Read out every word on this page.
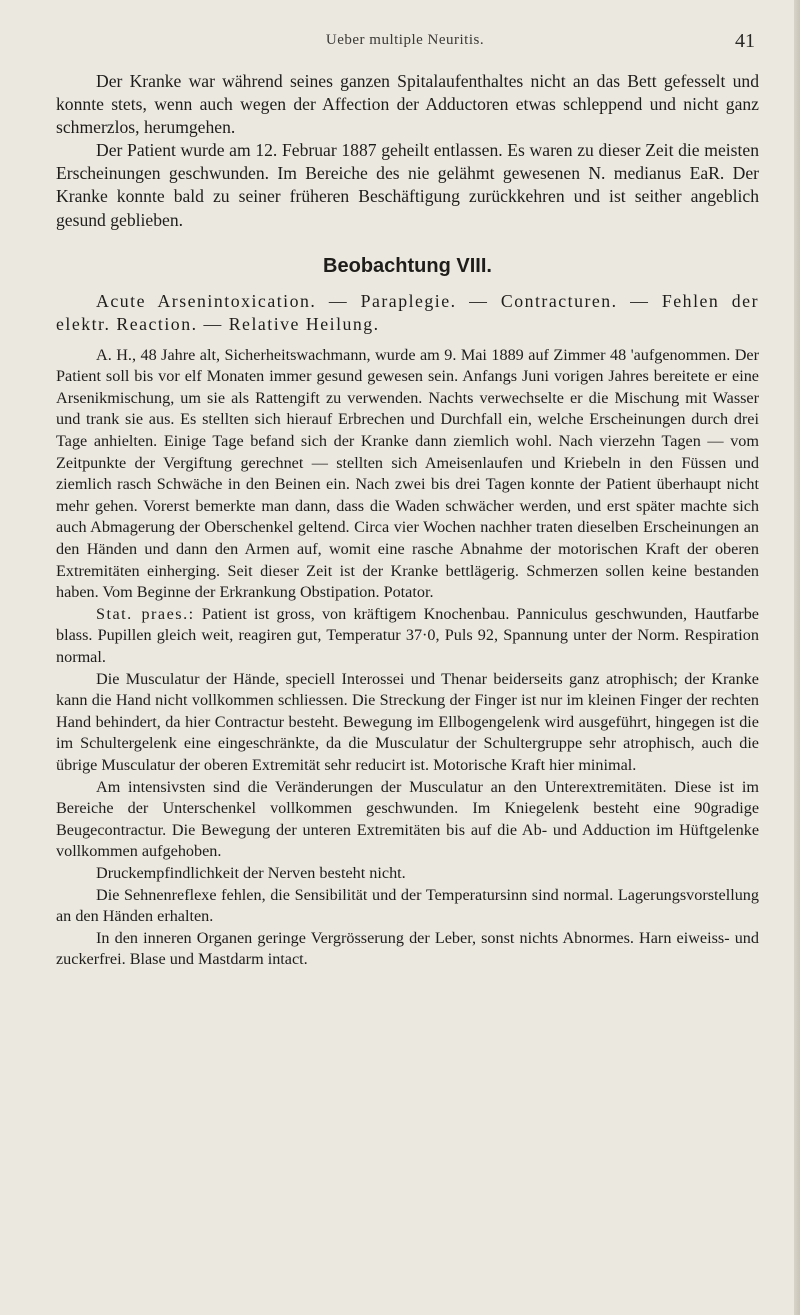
Ueber multiple Neuritis.	41

Der Kranke war während seines ganzen Spitalaufenthaltes nicht an das Bett gefesselt und konnte stets, wenn auch wegen der Affection der Adductoren etwas schleppend und nicht ganz schmerzlos, herumgehen.

Der Patient wurde am 12. Februar 1887 geheilt entlassen. Es waren zu dieser Zeit die meisten Erscheinungen geschwunden. Im Bereiche des nie gelähmt gewesenen N. medianus EaR. Der Kranke konnte bald zu seiner früheren Beschäftigung zurückkehren und ist seither angeblich gesund geblieben.

Beobachtung VIII.
Acute Arsenintoxication. — Paraplegie. — Contracturen. — Fehlen der elektr. Reaction. — Relative Heilung.

A. H., 48 Jahre alt, Sicherheitswachmann, wurde am 9. Mai 1889 auf Zimmer 48 'aufgenommen. Der Patient soll bis vor elf Monaten immer gesund gewesen sein. Anfangs Juni vorigen Jahres bereitete er eine Arsenikmischung, um sie als Rattengift zu verwenden. Nachts verwechselte er die Mischung mit Wasser und trank sie aus. Es stellten sich hierauf Erbrechen und Durchfall ein, welche Erscheinungen durch drei Tage anhielten. Einige Tage befand sich der Kranke dann ziemlich wohl. Nach vierzehn Tagen — vom Zeitpunkte der Vergiftung gerechnet — stellten sich Ameisenlaufen und Kriebeln in den Füssen und ziemlich rasch Schwäche in den Beinen ein. Nach zwei bis drei Tagen konnte der Patient überhaupt nicht mehr gehen. Vorerst bemerkte man dann, dass die Waden schwächer werden, und erst später machte sich auch Abmagerung der Oberschenkel geltend. Circa vier Wochen nachher traten dieselben Erscheinungen an den Händen und dann den Armen auf, womit eine rasche Abnahme der motorischen Kraft der oberen Extremitäten einherging. Seit dieser Zeit ist der Kranke bettlägerig. Schmerzen sollen keine bestanden haben. Vom Beginne der Erkrankung Obstipation. Potator.

Stat. praes.: Patient ist gross, von kräftigem Knochenbau. Panniculus geschwunden, Hautfarbe blass. Pupillen gleich weit, reagiren gut, Temperatur 37·0, Puls 92, Spannung unter der Norm. Respiration normal.

Die Musculatur der Hände, speciell Interossei und Thenar beiderseits ganz atrophisch; der Kranke kann die Hand nicht vollkommen schliessen. Die Streckung der Finger ist nur im kleinen Finger der rechten Hand behindert, da hier Contractur besteht. Bewegung im Ellbogengelenk wird ausgeführt, hingegen ist die im Schultergelenk eine eingeschränkte, da die Musculatur der Schultergruppe sehr atrophisch, auch die übrige Musculatur der oberen Extremität sehr reducirt ist. Motorische Kraft hier minimal.

Am intensivsten sind die Veränderungen der Musculatur an den Unterextremitäten. Diese ist im Bereiche der Unterschenkel vollkommen geschwunden. Im Kniegelenk besteht eine 90gradige Beugecontractur. Die Bewegung der unteren Extremitäten bis auf die Ab- und Adduction im Hüftgelenke vollkommen aufgehoben.

Druckempfindlichkeit der Nerven besteht nicht.

Die Sehnenreflexe fehlen, die Sensibilität und der Temperatursinn sind normal. Lagerungsvorstellung an den Händen erhalten.

In den inneren Organen geringe Vergrösserung der Leber, sonst nichts Abnormes. Harn eiweiss- und zuckerfrei. Blase und Mastdarm intact.
